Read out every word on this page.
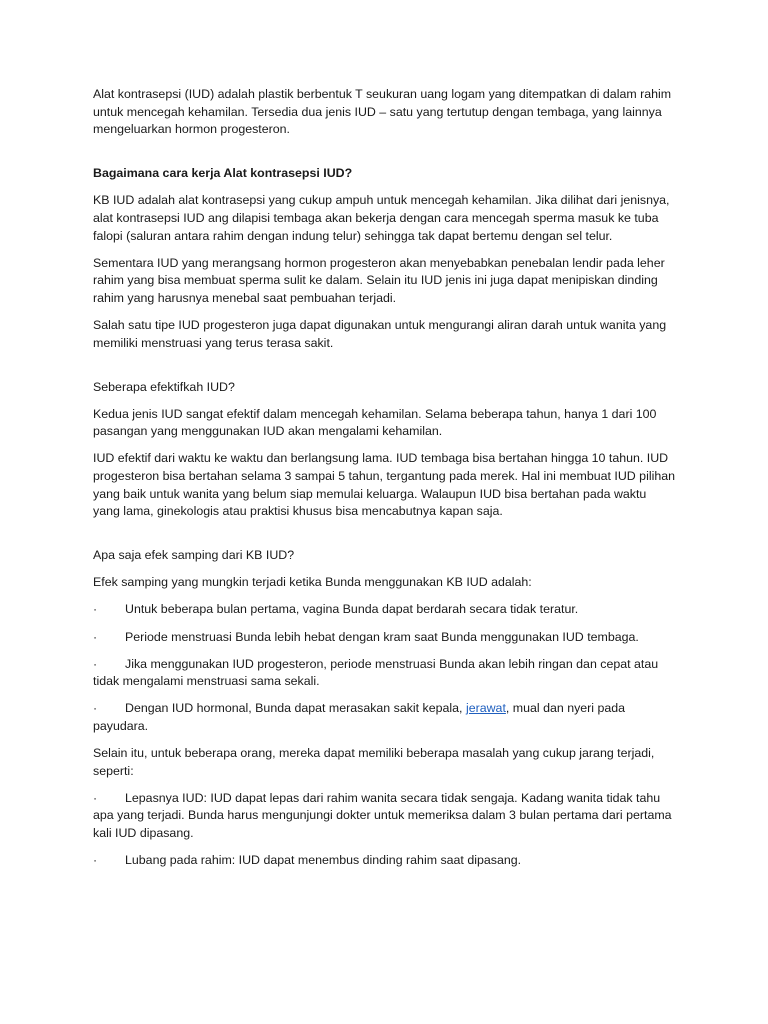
Alat kontrasepsi (IUD) adalah plastik berbentuk T seukuran uang logam yang ditempatkan di dalam rahim untuk mencegah kehamilan. Tersedia dua jenis IUD – satu yang tertutup dengan tembaga, yang lainnya mengeluarkan hormon progesteron.

Bagaimana cara kerja Alat kontrasepsi IUD?

KB IUD adalah alat kontrasepsi yang cukup ampuh untuk mencegah kehamilan. Jika dilihat dari jenisnya, alat kontrasepsi IUD ang dilapisi tembaga akan bekerja dengan cara mencegah sperma masuk ke tuba falopi (saluran antara rahim dengan indung telur) sehingga tak dapat bertemu dengan sel telur.

Sementara IUD yang merangsang hormon progesteron akan menyebabkan penebalan lendir pada leher rahim yang bisa membuat sperma sulit ke dalam. Selain itu IUD jenis ini juga dapat menipiskan dinding rahim yang harusnya menebal saat pembuahan terjadi.

Salah satu tipe IUD progesteron juga dapat digunakan untuk mengurangi aliran darah untuk wanita yang memiliki menstruasi yang terus terasa sakit.

Seberapa efektifkah IUD?

Kedua jenis IUD sangat efektif dalam mencegah kehamilan. Selama beberapa tahun, hanya 1 dari 100 pasangan yang menggunakan IUD akan mengalami kehamilan.

IUD efektif dari waktu ke waktu dan berlangsung lama. IUD tembaga bisa bertahan hingga 10 tahun. IUD progesteron bisa bertahan selama 3 sampai 5 tahun, tergantung pada merek. Hal ini membuat IUD pilihan yang baik untuk wanita yang belum siap memulai keluarga. Walaupun IUD bisa bertahan pada waktu yang lama, ginekologis atau praktisi khusus bisa mencabutnya kapan saja.

Apa saja efek samping dari KB IUD?

Efek samping yang mungkin terjadi ketika Bunda menggunakan KB IUD adalah:

· Untuk beberapa bulan pertama, vagina Bunda dapat berdarah secara tidak teratur.

· Periode menstruasi Bunda lebih hebat dengan kram saat Bunda menggunakan IUD tembaga.

· Jika menggunakan IUD progesteron, periode menstruasi Bunda akan lebih ringan dan cepat atau tidak mengalami menstruasi sama sekali.

· Dengan IUD hormonal, Bunda dapat merasakan sakit kepala, jerawat, mual dan nyeri pada payudara.

Selain itu, untuk beberapa orang, mereka dapat memiliki beberapa masalah yang cukup jarang terjadi, seperti:

· Lepasnya IUD: IUD dapat lepas dari rahim wanita secara tidak sengaja. Kadang wanita tidak tahu apa yang terjadi. Bunda harus mengunjungi dokter untuk memeriksa dalam 3 bulan pertama dari pertama kali IUD dipasang.

· Lubang pada rahim: IUD dapat menembus dinding rahim saat dipasang.
